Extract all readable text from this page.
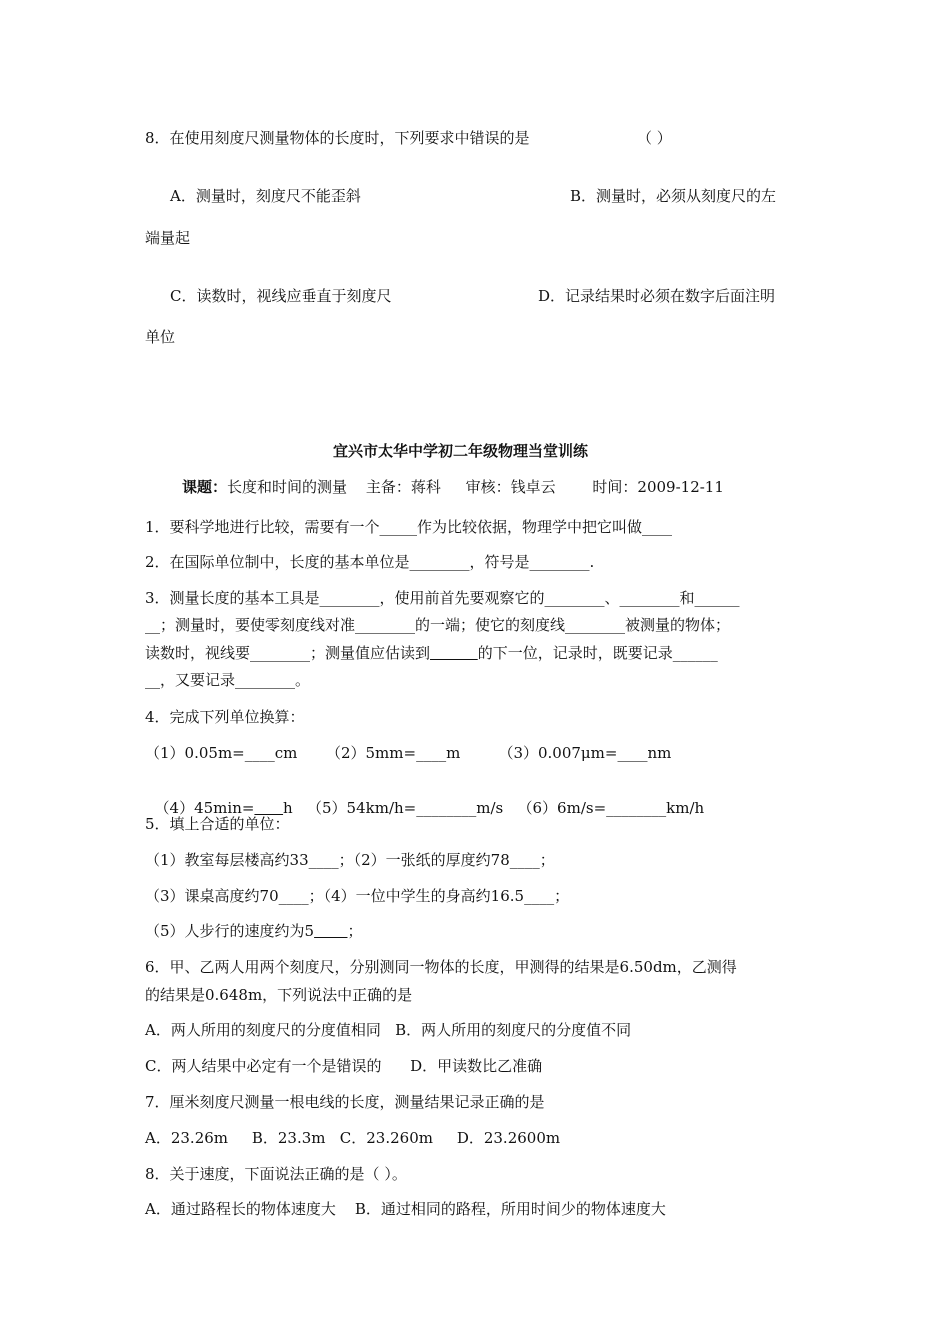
8．在使用刻度尺测量物体的长度时，下列要求中错误的是	（ ）
A．测量时，刻度尺不能歪斜	B．测量时，必须从刻度尺的左
端量起
C．读数时，视线应垂直于刻度尺	D．记录结果时必须在数字后面注明
单位
宜兴市太华中学初二年级物理当堂训练
课题：长度和时间的测量 主备：蒋科 审核：钱卓云 时间：2009-12-11
1．要科学地进行比较，需要有一个_____作为比较依据，物理学中把它叫做____
2．在国际单位制中，长度的基本单位是________，符号是________.
3．测量长度的基本工具是________，使用前首先要观察它的________、________和______
__；测量时，要使零刻度线对准________的一端；使它的刻度线________被测量的物体；
读数时，视线要________；测量值应估读到	的下一位，记录时，既要记录______
__，又要记录________。
4．完成下列单位换算：
（1）0.05m=____cm      （2）5mm=____m        （3）0.007μm=____nm

（4）45min= h   （5）54km/h=________m/s   （6）6m/s=________km/h

5．填上合适的单位：
（1）教室每层楼高约33____；（2）一张纸的厚度约78____；
（3）课桌高度约70____；（4）一位中学生的身高约16.5____；
（5）人步行的速度约为5 ；
6．甲、乙两人用两个刻度尺，分别测同一物体的长度，甲测得的结果是6.50dm，乙测得
的结果是0.648m，下列说法中正确的是
A．两人所用的刻度尺的分度值相同   B．两人所用的刻度尺的分度值不同
C．两人结果中必定有一个是错误的      D．甲读数比乙准确
7．厘米刻度尺测量一根电线的长度，测量结果记录正确的是
A．23.26m     B．23.3m   C．23.260m     D．23.2600m
8．关于速度，下面说法正确的是（ ）。
A．通过路程长的物体速度大    B．通过相同的路程，所用时间少的物体速度大
